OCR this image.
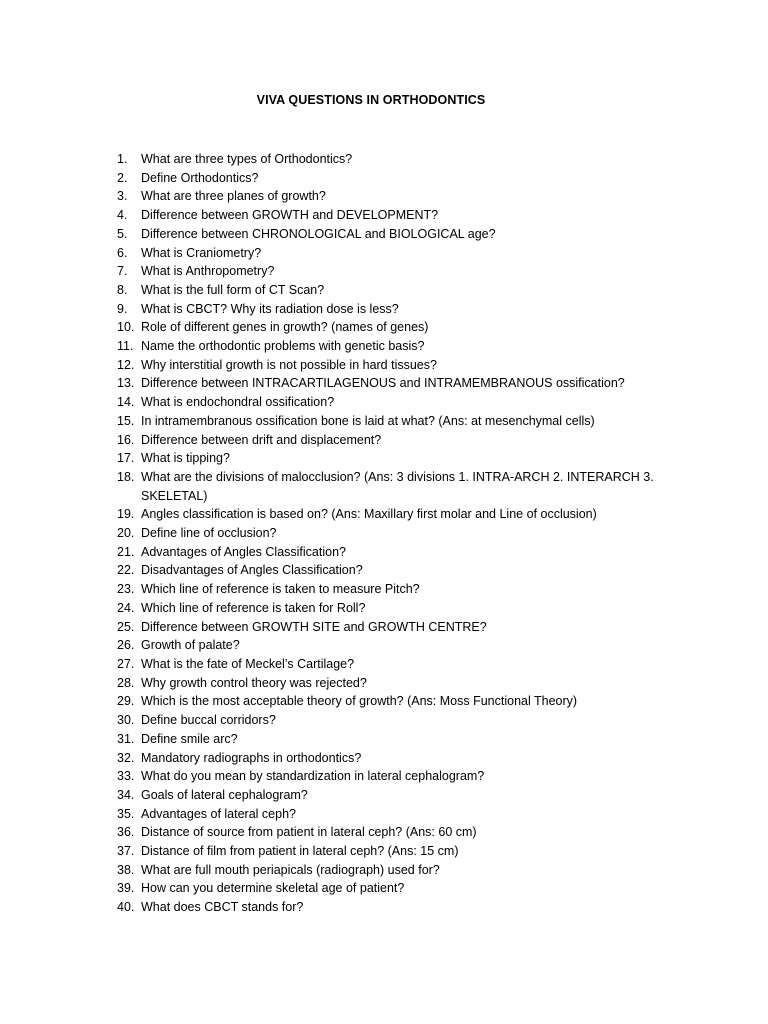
VIVA QUESTIONS IN ORTHODONTICS
1.	What are three types of Orthodontics?
2.	Define Orthodontics?
3.	What are three planes of growth?
4.	Difference between GROWTH and DEVELOPMENT?
5.	Difference between CHRONOLOGICAL and BIOLOGICAL age?
6.	What is Craniometry?
7.	What is Anthropometry?
8.	What is the full form of CT Scan?
9.	What is CBCT? Why its radiation dose is less?
10. Role of different genes in growth? (names of genes)
11. Name the orthodontic problems with genetic basis?
12. Why interstitial growth is not possible in hard tissues?
13. Difference between INTRACARTILAGENOUS and INTRAMEMBRANOUS ossification?
14. What is endochondral ossification?
15. In intramembranous ossification bone is laid at what? (Ans: at mesenchymal cells)
16. Difference between drift and displacement?
17. What is tipping?
18. What are the divisions of malocclusion? (Ans: 3 divisions 1. INTRA-ARCH 2. INTERARCH 3. SKELETAL)
19. Angles classification is based on? (Ans: Maxillary first molar and Line of occlusion)
20. Define line of occlusion?
21. Advantages of Angles Classification?
22. Disadvantages of Angles Classification?
23. Which line of reference is taken to measure Pitch?
24. Which line of reference is taken for Roll?
25. Difference between GROWTH SITE and GROWTH CENTRE?
26. Growth of palate?
27. What is the fate of Meckel’s Cartilage?
28. Why growth control theory was rejected?
29. Which is the most acceptable theory of growth? (Ans: Moss Functional Theory)
30. Define buccal corridors?
31. Define smile arc?
32. Mandatory radiographs in orthodontics?
33. What do you mean by standardization in lateral cephalogram?
34. Goals of lateral cephalogram?
35. Advantages of lateral ceph?
36. Distance of source from patient in lateral ceph? (Ans: 60 cm)
37. Distance of film from patient in lateral ceph? (Ans: 15 cm)
38. What are full mouth periapicals (radiograph) used for?
39. How can you determine skeletal age of patient?
40. What does CBCT stands for?
